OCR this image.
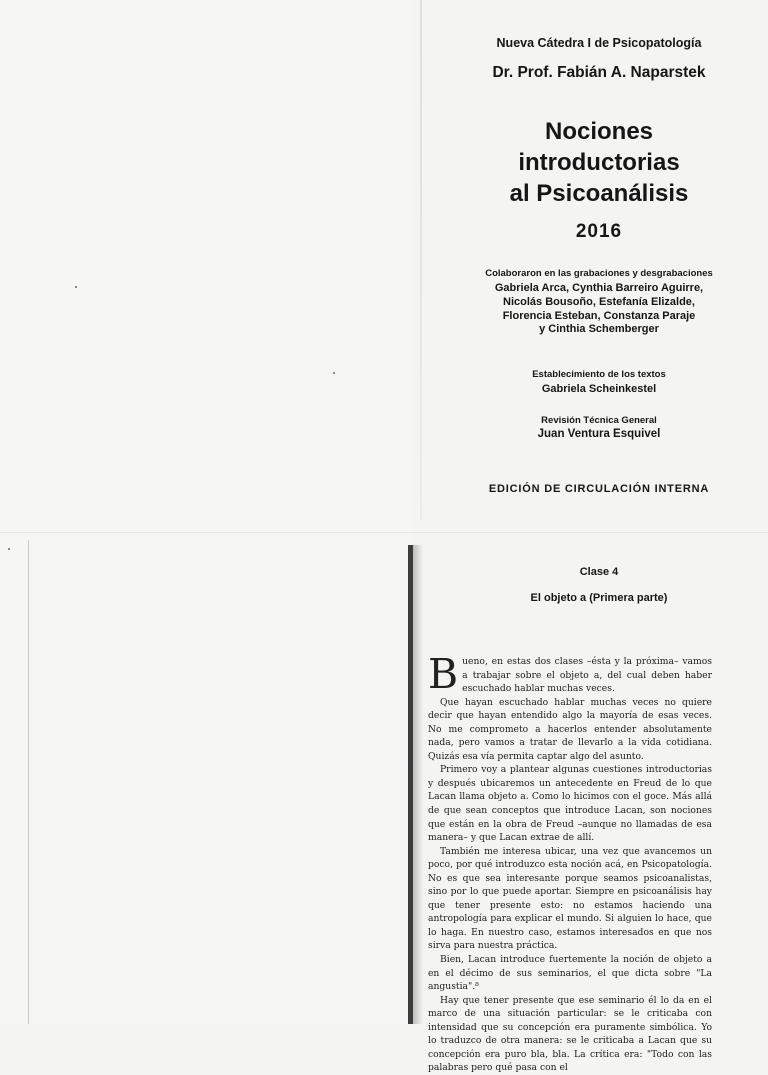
Nueva Cátedra I de Psicopatología
Dr. Prof. Fabián A. Naparstek
Nociones
introductorias
al Psicoanálisis
2016
Colaboraron en las grabaciones y desgrabaciones
Gabriela Arca, Cynthia Barreiro Aguirre,
Nicolás Bousoño, Estefanía Elizalde,
Florencia Esteban, Constanza Paraje
y Cinthia Schemberger
Establecimiento de los textos
Gabriela Scheinkestel
Revisión Técnica General
Juan Ventura Esquivel
EDICIÓN DE CIRCULACIÓN INTERNA
Clase 4
El objeto a (Primera parte)

Bueno, en estas dos clases –ésta y la próxima– vamos a trabajar sobre el objeto a, del cual deben haber escuchado hablar muchas veces.

Que hayan escuchado hablar muchas veces no quiere decir que hayan entendido algo la mayoría de esas veces. No me comprometo a hacerlos entender absolutamente nada, pero vamos a tratar de llevarlo a la vida cotidiana. Quizás esa vía permita captar algo del asunto.

Primero voy a plantear algunas cuestiones introductorias y después ubicaremos un antecedente en Freud de lo que Lacan llama objeto a. Como lo hicimos con el goce. Más allá de que sean conceptos que introduce Lacan, son nociones que están en la obra de Freud –aunque no llamadas de esa manera– y que Lacan extrae de allí.

También me interesa ubicar, una vez que avancemos un poco, por qué introduzco esta noción acá, en Psicopatología. No es que sea interesante porque seamos psicoanalistas, sino por lo que puede aportar. Siempre en psicoanálisis hay que tener presente esto: no estamos haciendo una antropología para explicar el mundo. Si alguien lo hace, que lo haga. En nuestro caso, estamos interesados en que nos sirva para nuestra práctica.

Bien, Lacan introduce fuertemente la noción de objeto a en el décimo de sus seminarios, el que dicta sobre "La angustia".⁸

Hay que tener presente que ese seminario él lo da en el marco de una situación particular: se le criticaba con intensidad que su concepción era puramente simbólica. Yo lo traduzco de otra manera: se le criticaba a Lacan que su concepción era puro bla, bla. La crítica era: "Todo con las palabras pero qué pasa con el
